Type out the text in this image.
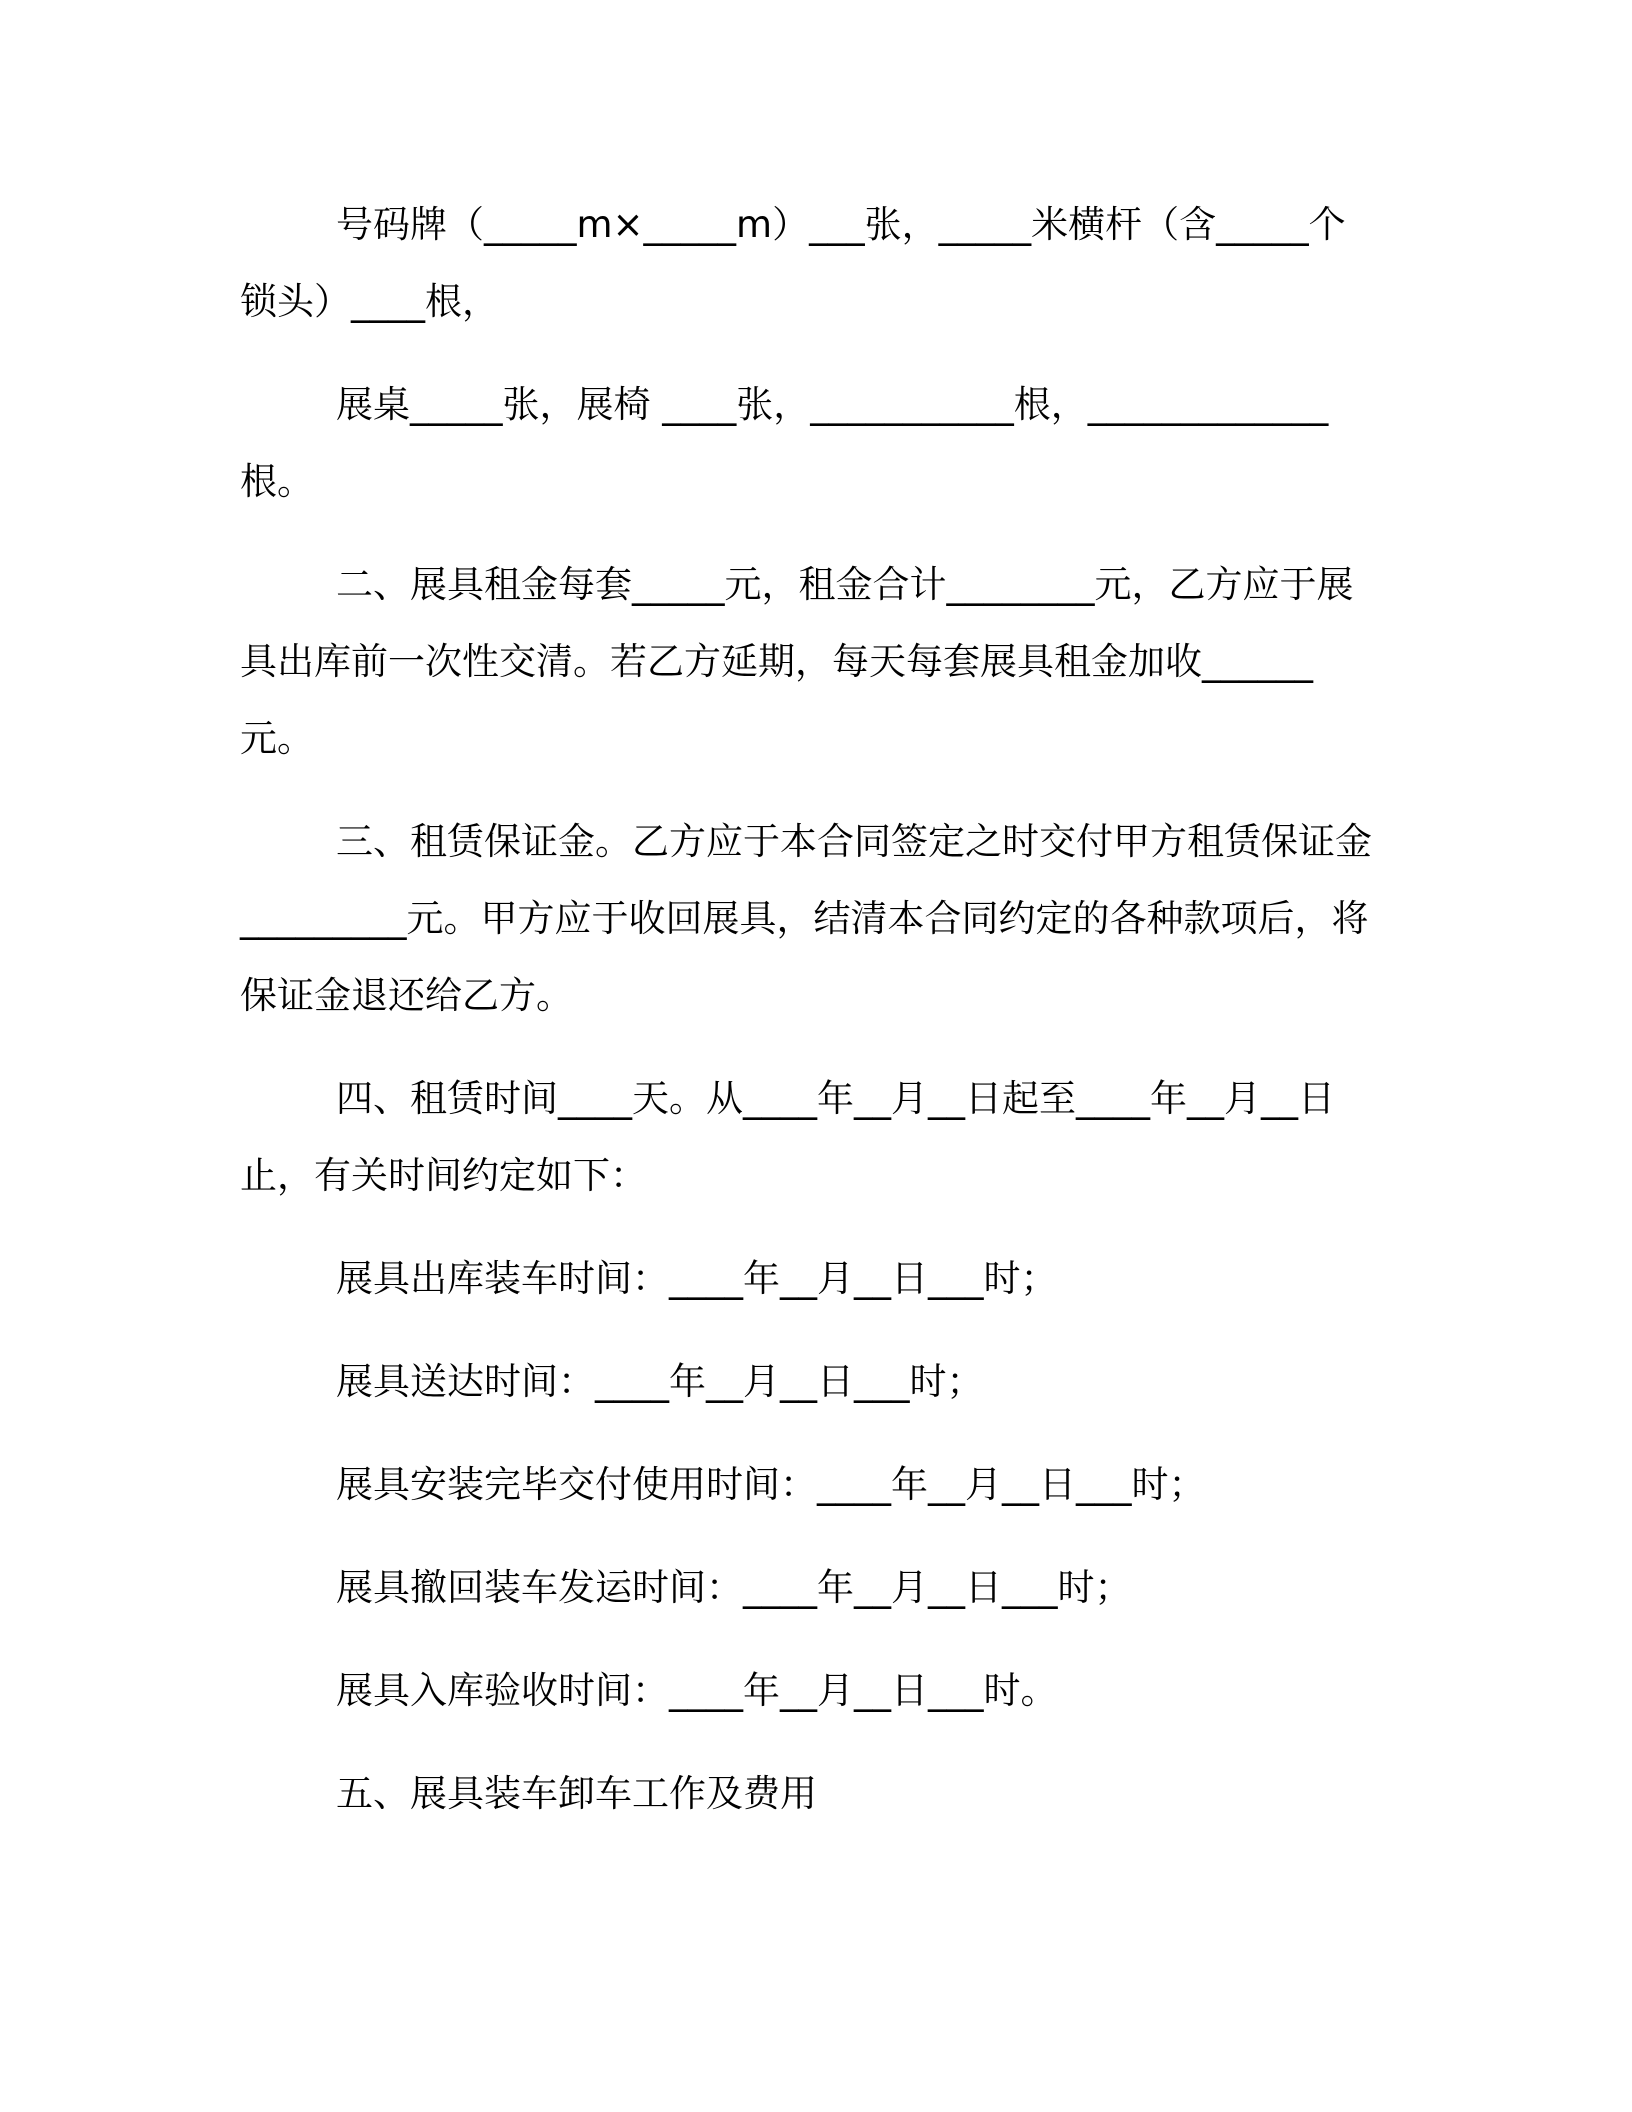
号码牌（_____m×_____m）___张，_____米横杆（含_____个锁头）____根，

展桌_____张，展椅 ____张，___________根，_____________根。

二、展具租金每套_____元，租金合计________元，乙方应于展具出库前一次性交清。若乙方延期，每天每套展具租金加收______元。

三、租赁保证金。乙方应于本合同签定之时交付甲方租赁保证金_________元。甲方应于收回展具，结清本合同约定的各种款项后，将保证金退还给乙方。

四、租赁时间____天。从____年__月__日起至____年__月__日止，有关时间约定如下：

展具出库装车时间：____年__月__日___时；

展具送达时间：____年__月__日___时；

展具安装完毕交付使用时间：____年__月__日___时；

展具撤回装车发运时间：____年__月__日___时；

展具入库验收时间：____年__月__日___时。

五、展具装车卸车工作及费用
